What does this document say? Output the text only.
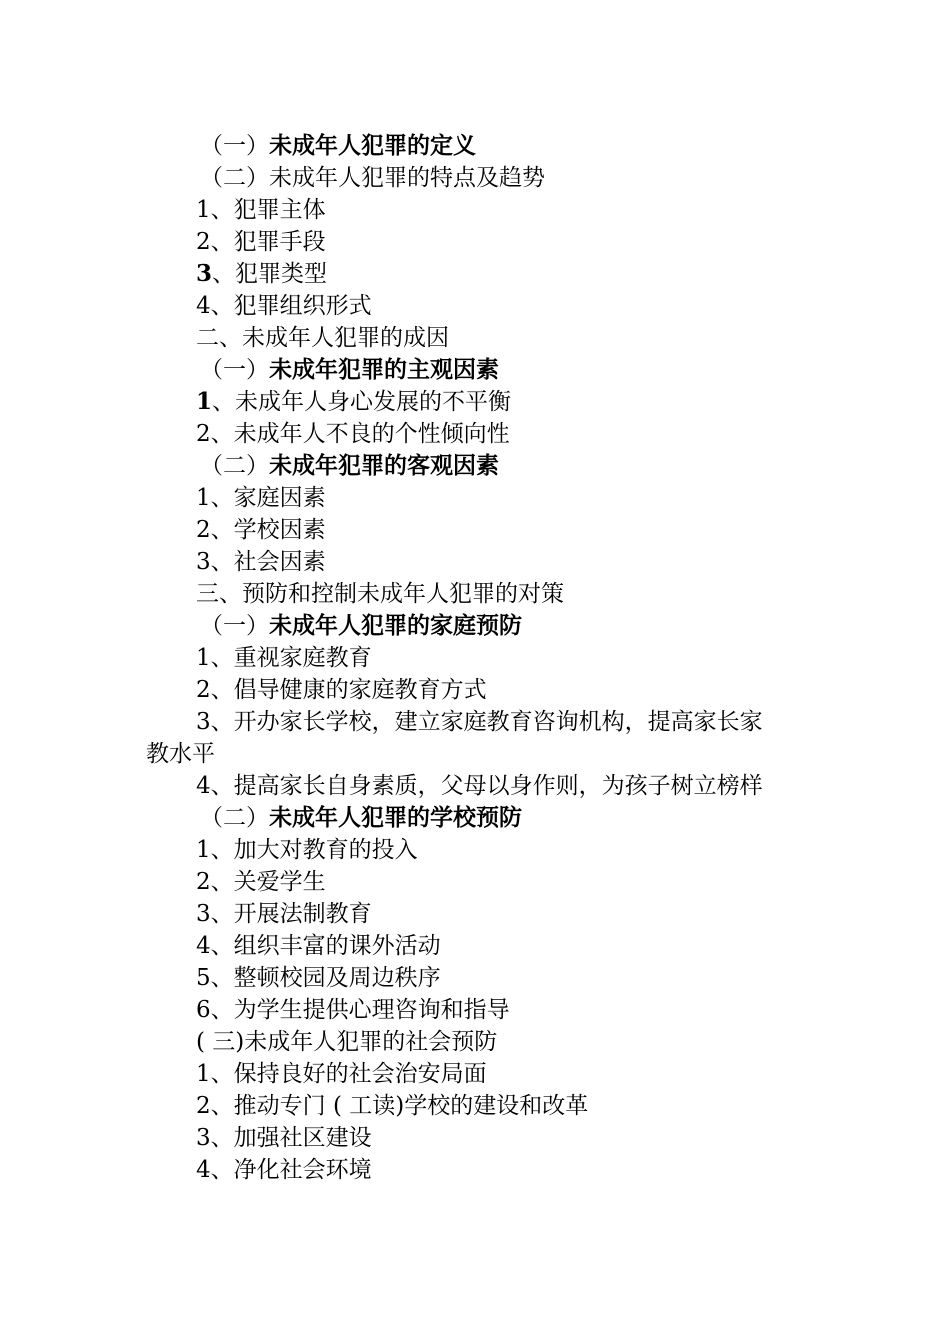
（一）未成年人犯罪的定义
（二）未成年人犯罪的特点及趋势
1、犯罪主体
2、犯罪手段
3、犯罪类型
4、犯罪组织形式
二、未成年人犯罪的成因
（一）未成年犯罪的主观因素
1、未成年人身心发展的不平衡
2、未成年人不良的个性倾向性
（二）未成年犯罪的客观因素
1、家庭因素
2、学校因素
3、社会因素
三、预防和控制未成年人犯罪的对策
（一）未成年人犯罪的家庭预防
1、重视家庭教育
2、倡导健康的家庭教育方式
3、开办家长学校，建立家庭教育咨询机构，提高家长家
教水平
4、提高家长自身素质，父母以身作则，为孩子树立榜样
（二）未成年人犯罪的学校预防
1、加大对教育的投入
2、关爱学生
3、开展法制教育
4、组织丰富的课外活动
5、整顿校园及周边秩序
6、为学生提供心理咨询和指导
( 三)未成年人犯罪的社会预防
1、保持良好的社会治安局面
2、推动专门 ( 工读)学校的建设和改革
3、加强社区建设
4、净化社会环境
